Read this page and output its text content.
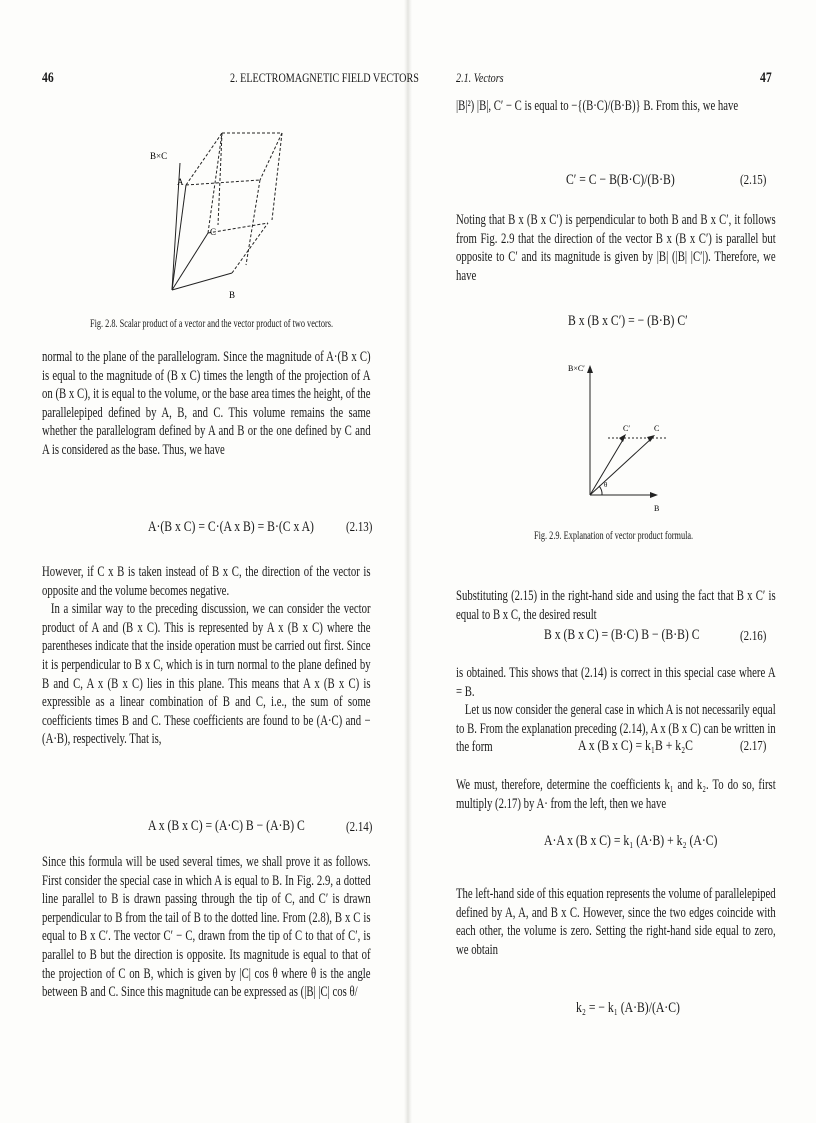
46	2. ELECTROMAGNETIC FIELD VECTORS
B×C
A
C
B
Fig. 2.8. Scalar product of a vector and the vector product of two vectors.

normal to the plane of the parallelogram. Since the magnitude of A·(B x C) is equal to the magnitude of (B x C) times the length of the projection of A on (B x C), it is equal to the volume, or the base area times the height, of the parallelepiped defined by A, B, and C. This volume remains the same whether the parallelogram defined by A and B or the one defined by C and A is considered as the base. Thus, we have

A·(B x C) = C·(A x B) = B·(C x A) (2.13)

However, if C x B is taken instead of B x C, the direction of the vector is opposite and the volume becomes negative.

In a similar way to the preceding discussion, we can consider the vector product of A and (B x C). This is represented by A x (B x C) where the parentheses indicate that the inside operation must be carried out first. Since it is perpendicular to B x C, which is in turn normal to the plane defined by B and C, A x (B x C) lies in this plane. This means that A x (B x C) is expressible as a linear combination of B and C, i.e., the sum of some coefficients times B and C. These coefficients are found to be (A·C) and −(A·B), respectively. That is,

A x (B x C) = (A·C) B − (A·B) C	(2.14)

Since this formula will be used several times, we shall prove it as follows. First consider the special case in which A is equal to B. In Fig. 2.9, a dotted line parallel to B is drawn passing through the tip of C, and C′ is drawn perpendicular to B from the tail of B to the dotted line. From (2.8), B x C is equal to B x C′. The vector C′ − C, drawn from the tip of C to that of C′, is parallel to B but the direction is opposite. Its magnitude is equal to that of the projection of C on B, which is given by |C| cos θ where θ is the angle between B and C. Since this magnitude can be expressed as (|B| |C| cos θ/

2.1. Vectors	47

|B|²) |B|, C′ − C is equal to −{(B·C)/(B·B)} B. From this, we have

C′ = C − B(B·C)/(B·B)	(2.15)

Noting that B x (B x C′) is perpendicular to both B and B x C′, it follows from Fig. 2.9 that the direction of the vector B x (B x C′) is parallel but opposite to C′ and its magnitude is given by |B| (|B| |C′|). Therefore, we have

B x (B x C′) = − (B·B) C′
B×C′
C′	C
B
θ
Fig. 2.9. Explanation of vector product formula.

Substituting (2.15) in the right-hand side and using the fact that B x C′ is equal to B x C, the desired result

B x (B x C) = (B·C) B − (B·B) C	(2.16)

is obtained. This shows that (2.14) is correct in this special case where A = B.

Let us now consider the general case in which A is not necessarily equal to B. From the explanation preceding (2.14), A x (B x C) can be written in the form	A x (B x C) = k₁B + k₂C	(2.17)

We must, therefore, determine the coefficients k₁ and k₂. To do so, first multiply (2.17) by A· from the left, then we have

A·A x (B x C) = k₁ (A·B) + k₂ (A·C)

The left-hand side of this equation represents the volume of parallelepiped defined by A, A, and B x C. However, since the two edges coincide with each other, the volume is zero. Setting the right-hand side equal to zero, we obtain

k₂ = − k₁ (A·B)/(A·C)
